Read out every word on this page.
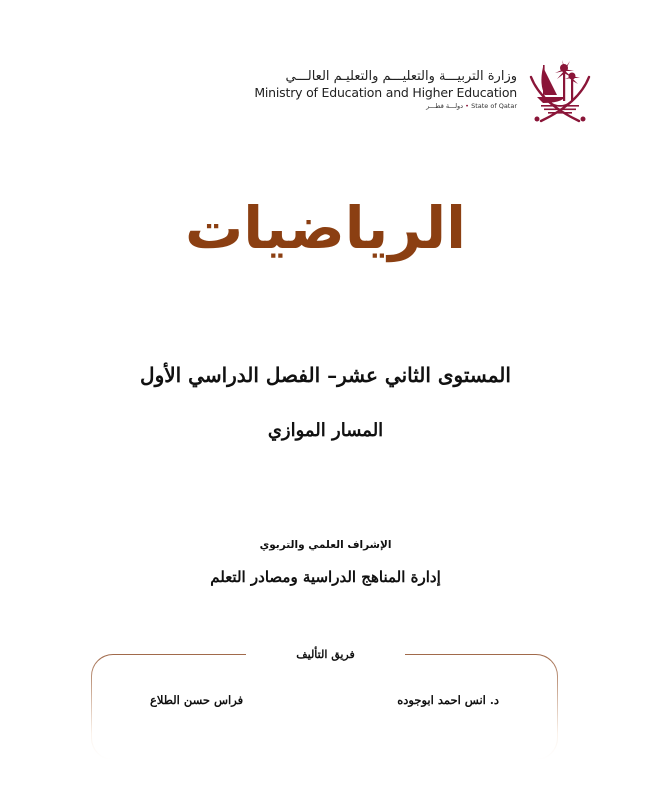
وزارة التربيـــة والتعليـــم والتعليـم العالـــي
Ministry of Education and Higher Education
دولـــة قطـــر • State of Qatar
الرياضيات
المستوى الثاني عشر– الفصل الدراسي الأول
المسار الموازي
الإشراف العلمي والتربوي
إدارة المناهج الدراسية ومصادر التعلم
فريق التأليف
د. انس احمد ابوجوده
فراس حسن الطلاع
